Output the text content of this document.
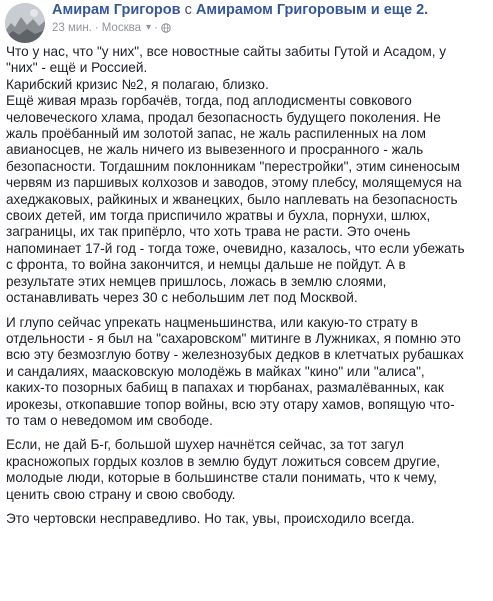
Амирам Григоров с Амирамом Григоровым и еще 2.
23 мин. · Москва ▾ ·

Что у нас, что "у них", все новостные сайты забиты Гутой и Асадом, у
"них" - ещё и Россией.
Карибский кризис №2, я полагаю, близко.
Ещё живая мразь горбачёв, тогда, под аплодисменты совкового
человеческого хлама, продал безопасность будущего поколения. Не
жаль проёбанный им золотой запас, не жаль распиленных на лом
авианосцев, не жаль ничего из вывезенного и просранного - жаль
безопасности. Тогдашним поклонникам "перестройки", этим синеносым
червям из паршивых колхозов и заводов, этому плебсу, молящемуся на
ахеджаковых, райкиных и жванецких, было наплевать на безопасность
своих детей, им тогда приспичило жратвы и бухла, порнухи, шлюх,
заграницы, их так припёрло, что хоть трава не расти. Это очень
напоминает 17-й год - тогда тоже, очевидно, казалось, что если убежать
с фронта, то война закончится, и немцы дальше не пойдут. А в
результате этих немцев пришлось, ложась в землю слоями,
останавливать через 30 с небольшим лет под Москвой.

И глупо сейчас упрекать нацменьшинства, или какую-то страту в
отдельности - я был на "сахаровском" митинге в Лужниках, я помню это
всю эту безмозглую ботву - железнозубых дедков в клетчатых рубашках
и сандалиях, маасковскую молодёжь в майках "кино" или "алиса",
каких-то позорных бабищ в папахах и тюрбанах, размалёванных, как
ирокезы, откопавшие топор войны, всю эту отару хамов, вопящую что-
то там о неведомом им свободе.

Если, не дай Б-г, большой шухер начнётся сейчас, за тот загул
красножопых гордых козлов в землю будут ложиться совсем другие,
молодые люди, которые в большинстве стали понимать, что к чему,
ценить свою страну и свою свободу.

Это чертовски несправедливо. Но так, увы, происходило всегда.
